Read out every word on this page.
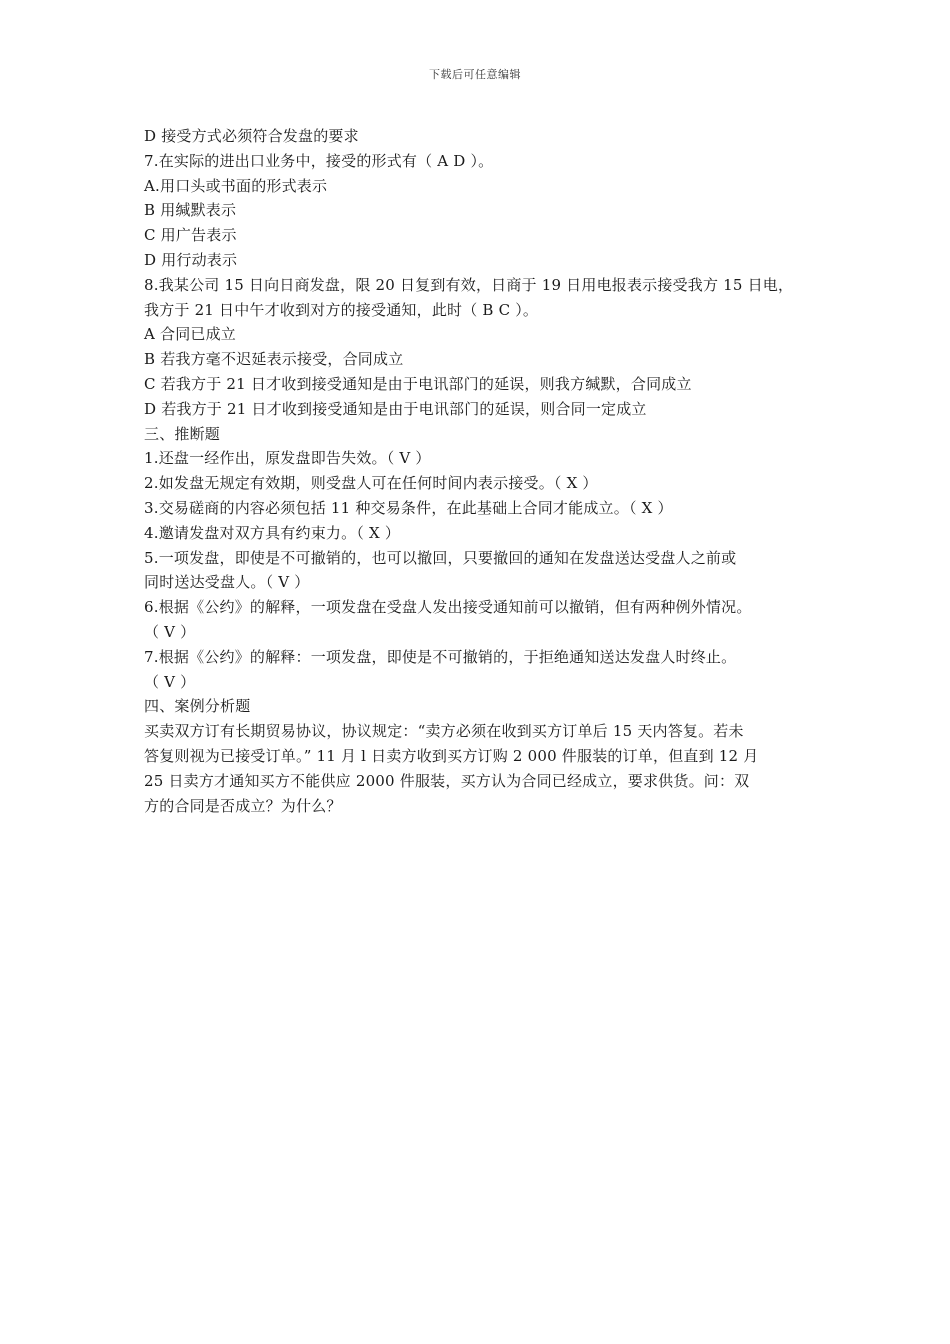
下载后可任意编辑
D 接受方式必须符合发盘的要求
7.在实际的进出口业务中，接受的形式有（ A D ）。
A.用口头或书面的形式表示
B 用缄默表示
C 用广告表示
D 用行动表示
8.我某公司 15 日向日商发盘，限 20 日复到有效，日商于 19 日用电报表示接受我方 15 日电，
我方于 21 日中午才收到对方的接受通知，此时（ B C ）。
A 合同已成立
B 若我方毫不迟延表示接受，合同成立
C 若我方于 21 日才收到接受通知是由于电讯部门的延误，则我方缄默，合同成立
D 若我方于 21 日才收到接受通知是由于电讯部门的延误，则合同一定成立
三、推断题
1.还盘一经作出，原发盘即告失效。（ V ）
2.如发盘无规定有效期，则受盘人可在任何时间内表示接受。（ X ）
3.交易磋商的内容必须包括 11 种交易条件，在此基础上合同才能成立。（ X ）
4.邀请发盘对双方具有约束力。（ X ）
5.一项发盘，即使是不可撤销的，也可以撤回，只要撤回的通知在发盘送达受盘人之前或
同时送达受盘人。（ V ）
6.根据《公约》的解释，一项发盘在受盘人发出接受通知前可以撤销，但有两种例外情况。
（ V ）
7.根据《公约》的解释：一项发盘，即使是不可撤销的，于拒绝通知送达发盘人时终止。
（ V ）
四、案例分析题
买卖双方订有长期贸易协议，协议规定：“卖方必须在收到买方订单后 15 天内答复。若未
答复则视为已接受订单。” 11 月 l 日卖方收到买方订购 2 000 件服装的订单，但直到 12 月
25 日卖方才通知买方不能供应 2000 件服装，买方认为合同已经成立，要求供货。问：双
方的合同是否成立？为什么？
